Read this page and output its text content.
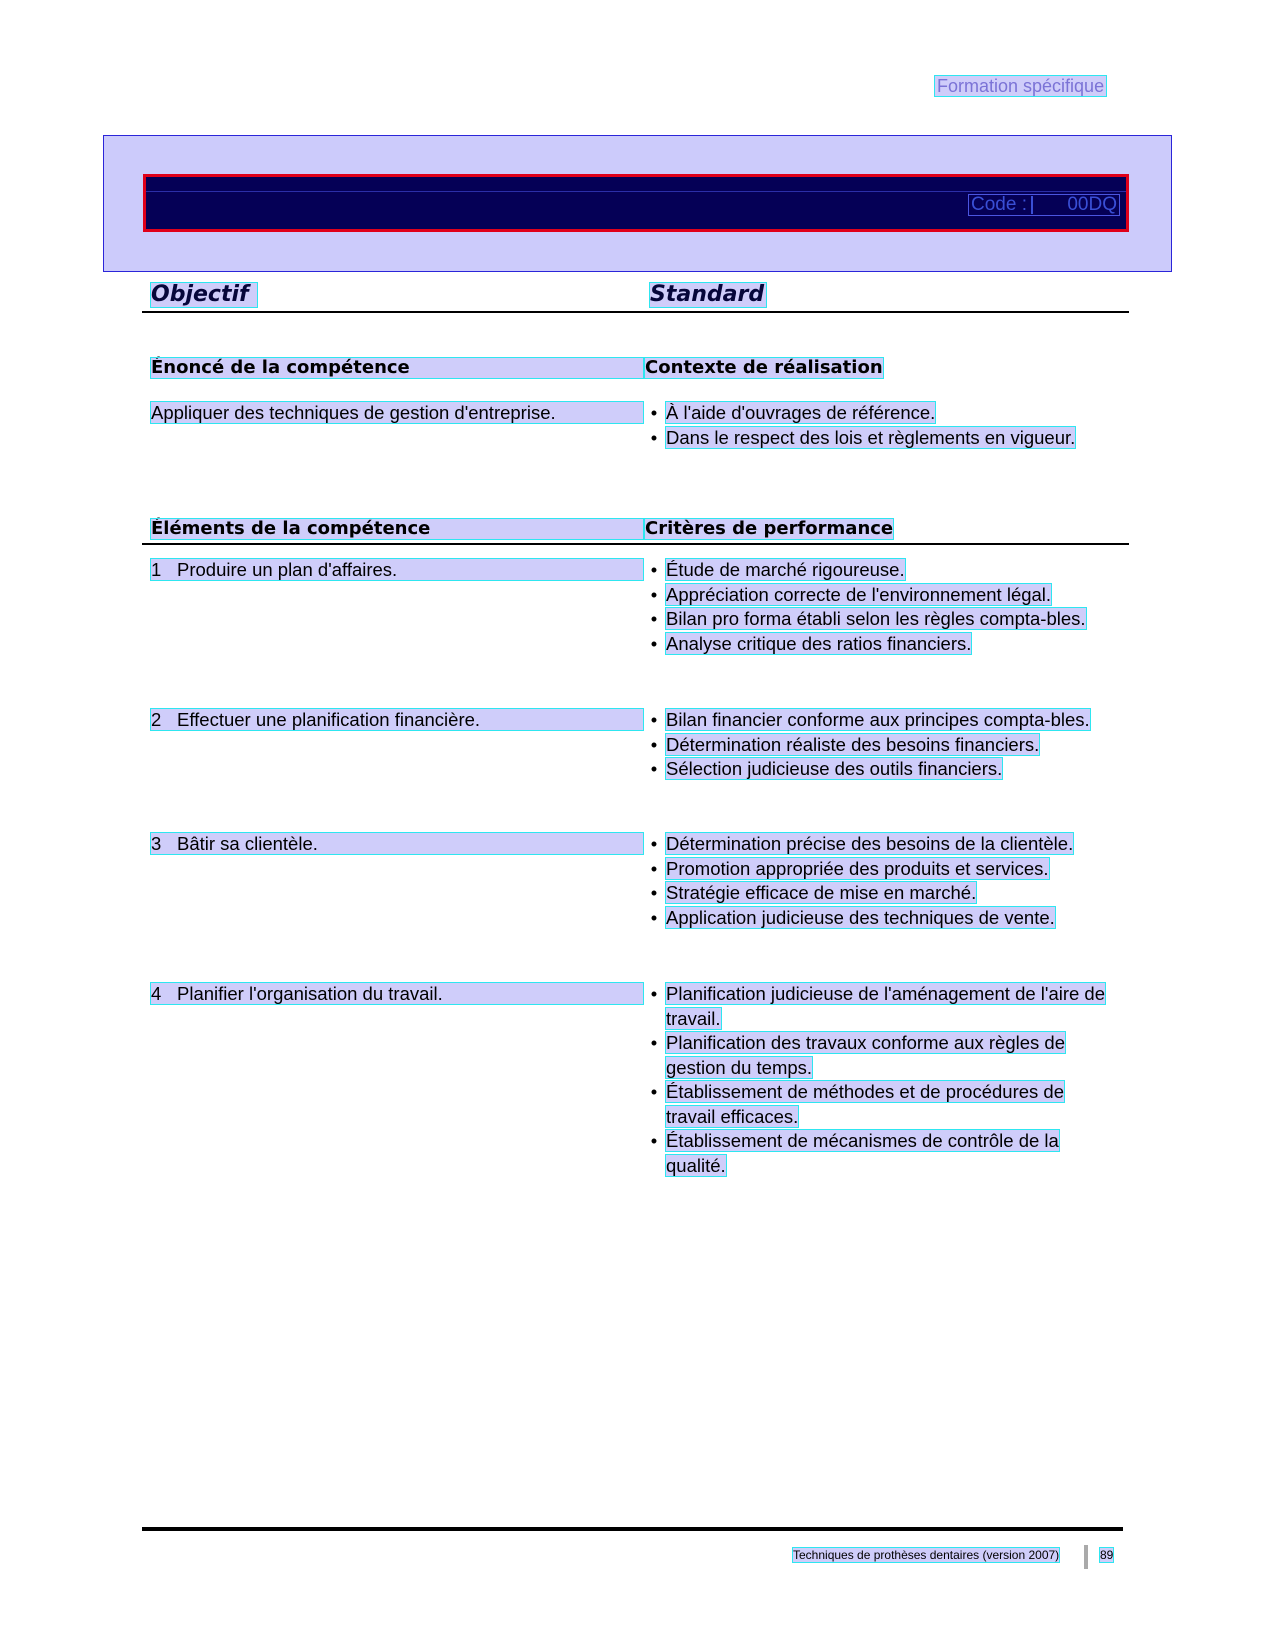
Formation spécifique
Code : 00DQ
Objectif	Standard
Énoncé de la compétence	Contexte de réalisation
Appliquer des techniques de gestion d'entreprise.	• À l'aide d'ouvrages de référence.
• Dans le respect des lois et règlements en vigueur.
Éléments de la compétence	Critères de performance
1 Produire un plan d'affaires.	• Étude de marché rigoureuse.
• Appréciation correcte de l'environnement légal.
• Bilan pro forma établi selon les règles compta-bles.
• Analyse critique des ratios financiers.
2 Effectuer une planification financière.	• Bilan financier conforme aux principes compta-bles.
• Détermination réaliste des besoins financiers.
• Sélection judicieuse des outils financiers.
3 Bâtir sa clientèle.	• Détermination précise des besoins de la clientèle.
• Promotion appropriée des produits et services.
• Stratégie efficace de mise en marché.
• Application judicieuse des techniques de vente.
4 Planifier l'organisation du travail.	• Planification judicieuse de l'aménagement de l'aire de travail.
• Planification des travaux conforme aux règles de gestion du temps.
• Établissement de méthodes et de procédures de travail efficaces.
• Établissement de mécanismes de contrôle de la qualité.
Techniques de prothèses dentaires (version 2007)	89
